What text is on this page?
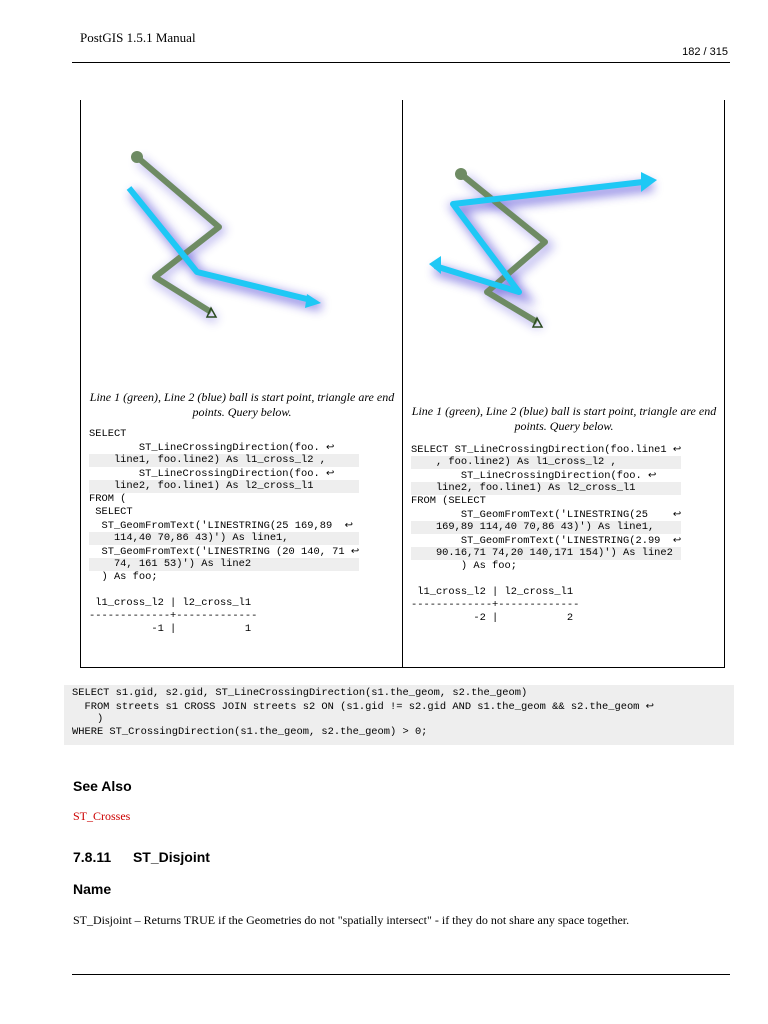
PostGIS 1.5.1 Manual
182 / 315
Line 1 (green), Line 2 (blue) ball is start point, triangle are end points. Query below.
SELECT
ST_LineCrossingDirection(foo. ↩
line1, foo.line2) As l1_cross_l2 ,
ST_LineCrossingDirection(foo. ↩
line2, foo.line1) As l2_cross_l1
FROM (
SELECT
ST_GeomFromText('LINESTRING(25 169,89  ↩
114,40 70,86 43)') As line1,
ST_GeomFromText('LINESTRING (20 140, 71 ↩
74, 161 53)') As line2
) As foo;
l1_cross_l2 | l2_cross_l1
-------------+-------------
-1 |           1
Line 1 (green), Line 2 (blue) ball is start point, triangle are end points. Query below.
SELECT ST_LineCrossingDirection(foo.line1 ↩
, foo.line2) As l1_cross_l2 ,
ST_LineCrossingDirection(foo. ↩
line2, foo.line1) As l2_cross_l1
FROM (SELECT
ST_GeomFromText('LINESTRING(25    ↩
169,89 114,40 70,86 43)') As line1,
ST_GeomFromText('LINESTRING(2.99  ↩
90.16,71 74,20 140,171 154)') As line2
) As foo;
l1_cross_l2 | l2_cross_l1
-------------+-------------
-2 |           2
SELECT s1.gid, s2.gid, ST_LineCrossingDirection(s1.the_geom, s2.the_geom)
FROM streets s1 CROSS JOIN streets s2 ON (s1.gid != s2.gid AND s1.the_geom && s2.the_geom ↩
)
WHERE ST_CrossingDirection(s1.the_geom, s2.the_geom) > 0;
See Also
ST_Crosses
7.8.11 ST_Disjoint
Name
ST_Disjoint – Returns TRUE if the Geometries do not "spatially intersect" - if they do not share any space together.
